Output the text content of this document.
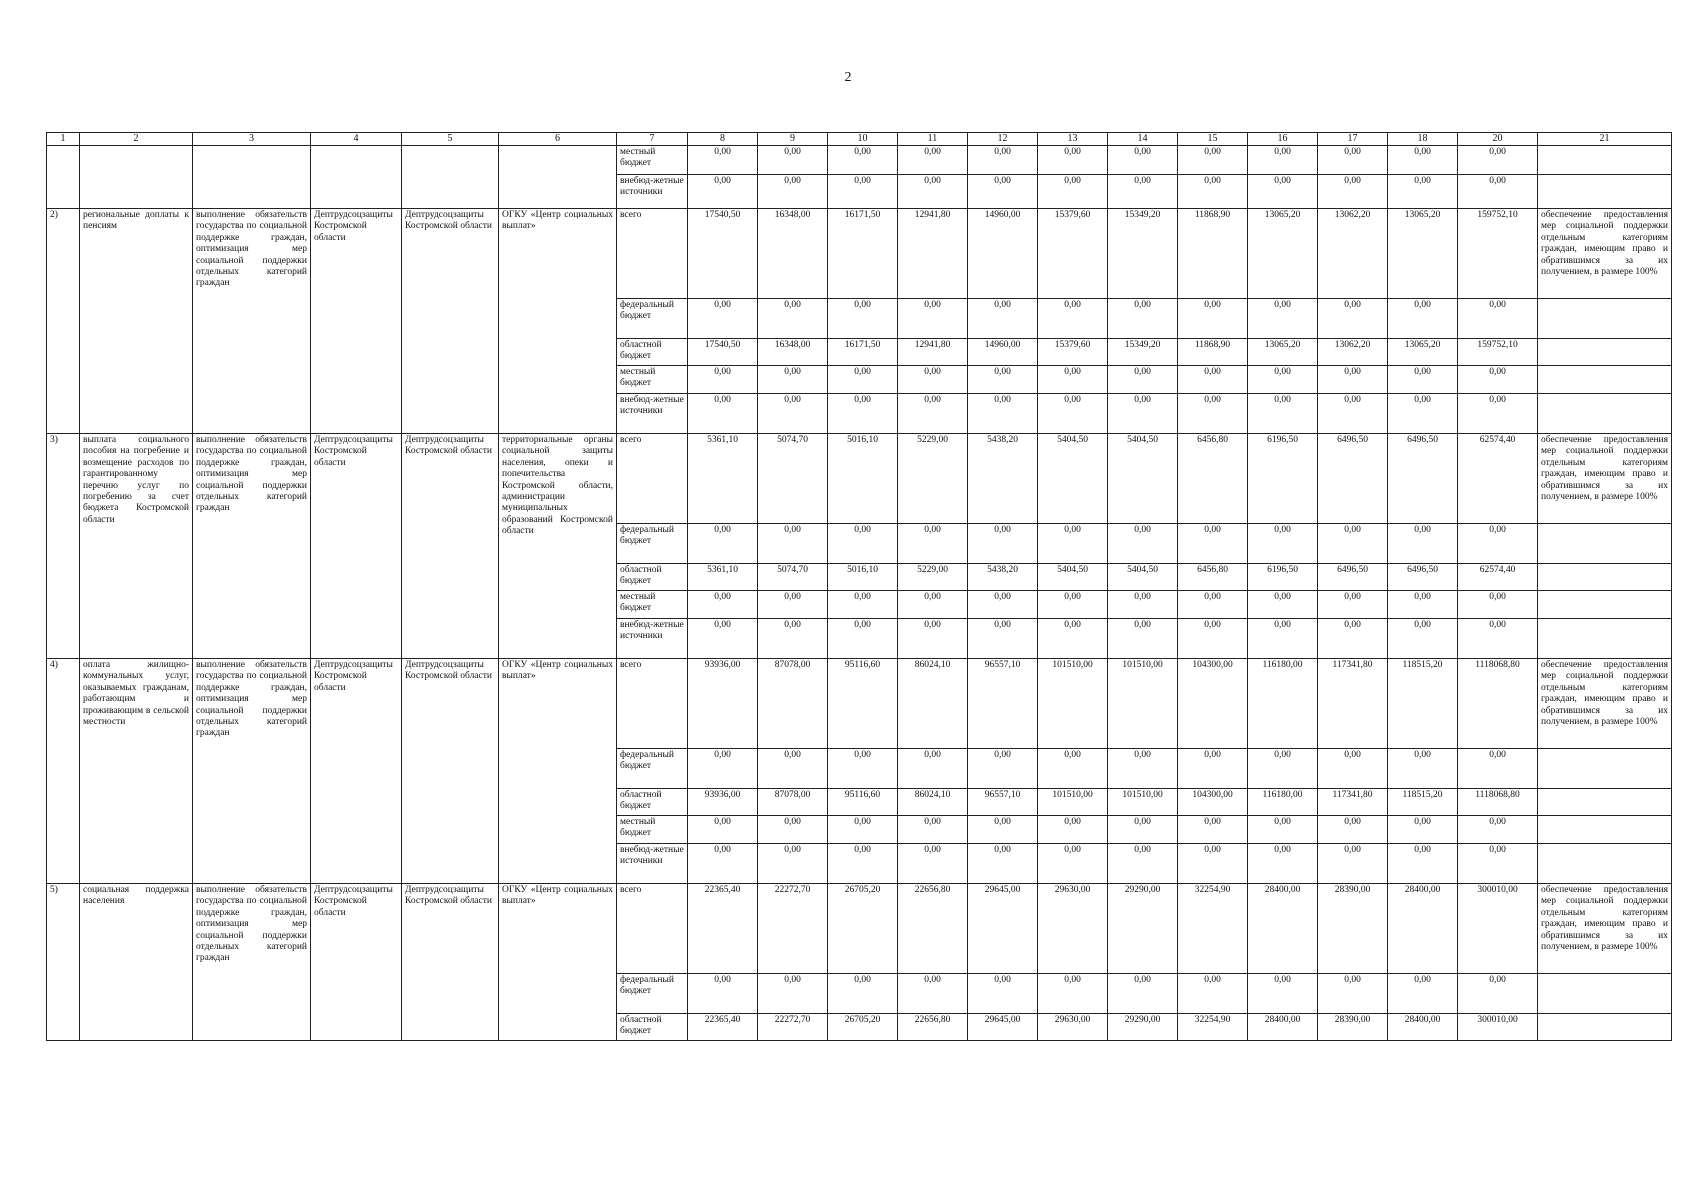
2
1	2	3	4	5	6	7	8	9	10	11	12	13	14	15	16	17	18	20	21
						местный бюджет	0,00	0,00	0,00	0,00	0,00	0,00	0,00	0,00	0,00	0,00	0,00	0,00	
						внебюд-жетные источники	0,00	0,00	0,00	0,00	0,00	0,00	0,00	0,00	0,00	0,00	0,00	0,00	
2)	региональные доплаты к пенсиям	выполнение обязательств государства по социальной поддержке граждан, оптимизация мер социальной поддержки отдельных категорий граждан	Дептрудсоцзащиты Костромской области	Дептрудсоцзащиты Костромской области	ОГКУ «Центр социальных выплат»	всего	17540,50	16348,00	16171,50	12941,80	14960,00	15379,60	15349,20	11868,90	13065,20	13062,20	13065,20	159752,10	обеспечение предоставления мер социальной поддержки отдельным категориям граждан, имеющим право и обратившимся за их получением, в размере 100%
						федеральный бюджет	0,00	0,00	0,00	0,00	0,00	0,00	0,00	0,00	0,00	0,00	0,00	0,00	
						областной бюджет	17540,50	16348,00	16171,50	12941,80	14960,00	15379,60	15349,20	11868,90	13065,20	13062,20	13065,20	159752,10	
						местный бюджет	0,00	0,00	0,00	0,00	0,00	0,00	0,00	0,00	0,00	0,00	0,00	0,00	
						внебюд-жетные источники	0,00	0,00	0,00	0,00	0,00	0,00	0,00	0,00	0,00	0,00	0,00	0,00	
3)	выплата социального пособия на погребение и возмещение расходов по гарантированному перечню услуг по погребению за счет бюджета Костромской области	выполнение обязательств государства по социальной поддержке граждан, оптимизация мер социальной поддержки отдельных категорий граждан	Дептрудсоцзащиты Костромской области	Дептрудсоцзащиты Костромской области	территориальные органы социальной защиты населения, опеки и попечительства Костромской области, администрации муниципальных образований Костромской области	всего	5361,10	5074,70	5016,10	5229,00	5438,20	5404,50	5404,50	6456,80	6196,50	6496,50	6496,50	62574,40	обеспечение предоставления мер социальной поддержки отдельным категориям граждан, имеющим право и обратившимся за их получением, в размере 100%
						федеральный бюджет	0,00	0,00	0,00	0,00	0,00	0,00	0,00	0,00	0,00	0,00	0,00	0,00	
						областной бюджет	5361,10	5074,70	5016,10	5229,00	5438,20	5404,50	5404,50	6456,80	6196,50	6496,50	6496,50	62574,40	
						местный бюджет	0,00	0,00	0,00	0,00	0,00	0,00	0,00	0,00	0,00	0,00	0,00	0,00	
						внебюд-жетные источники	0,00	0,00	0,00	0,00	0,00	0,00	0,00	0,00	0,00	0,00	0,00	0,00	
4)	оплата жилищно-коммунальных услуг, оказываемых гражданам, работающим и проживающим в сельской местности	выполнение обязательств государства по социальной поддержке граждан, оптимизация мер социальной поддержки отдельных категорий граждан	Дептрудсоцзащиты Костромской области	Дептрудсоцзащиты Костромской области	ОГКУ «Центр социальных выплат»	всего	93936,00	87078,00	95116,60	86024,10	96557,10	101510,00	101510,00	104300,00	116180,00	117341,80	118515,20	1118068,80	обеспечение предоставления мер социальной поддержки отдельным категориям граждан, имеющим право и обратившимся за их получением, в размере 100%
						федеральный бюджет	0,00	0,00	0,00	0,00	0,00	0,00	0,00	0,00	0,00	0,00	0,00	0,00	
						областной бюджет	93936,00	87078,00	95116,60	86024,10	96557,10	101510,00	101510,00	104300,00	116180,00	117341,80	118515,20	1118068,80	
						местный бюджет	0,00	0,00	0,00	0,00	0,00	0,00	0,00	0,00	0,00	0,00	0,00	0,00	
						внебюд-жетные источники	0,00	0,00	0,00	0,00	0,00	0,00	0,00	0,00	0,00	0,00	0,00	0,00	
5)	социальная поддержка населения	выполнение обязательств государства по социальной поддержке граждан, оптимизация мер социальной поддержки отдельных категорий граждан	Дептрудсоцзащиты Костромской области	Дептрудсоцзащиты Костромской области	ОГКУ «Центр социальных выплат»	всего	22365,40	22272,70	26705,20	22656,80	29645,00	29630,00	29290,00	32254,90	28400,00	28390,00	28400,00	300010,00	обеспечение предоставления мер социальной поддержки отдельным категориям граждан, имеющим право и обратившимся за их получением, в размере 100%
						федеральный бюджет	0,00	0,00	0,00	0,00	0,00	0,00	0,00	0,00	0,00	0,00	0,00	0,00	
						областной бюджет	22365,40	22272,70	26705,20	22656,80	29645,00	29630,00	29290,00	32254,90	28400,00	28390,00	28400,00	300010,00	
